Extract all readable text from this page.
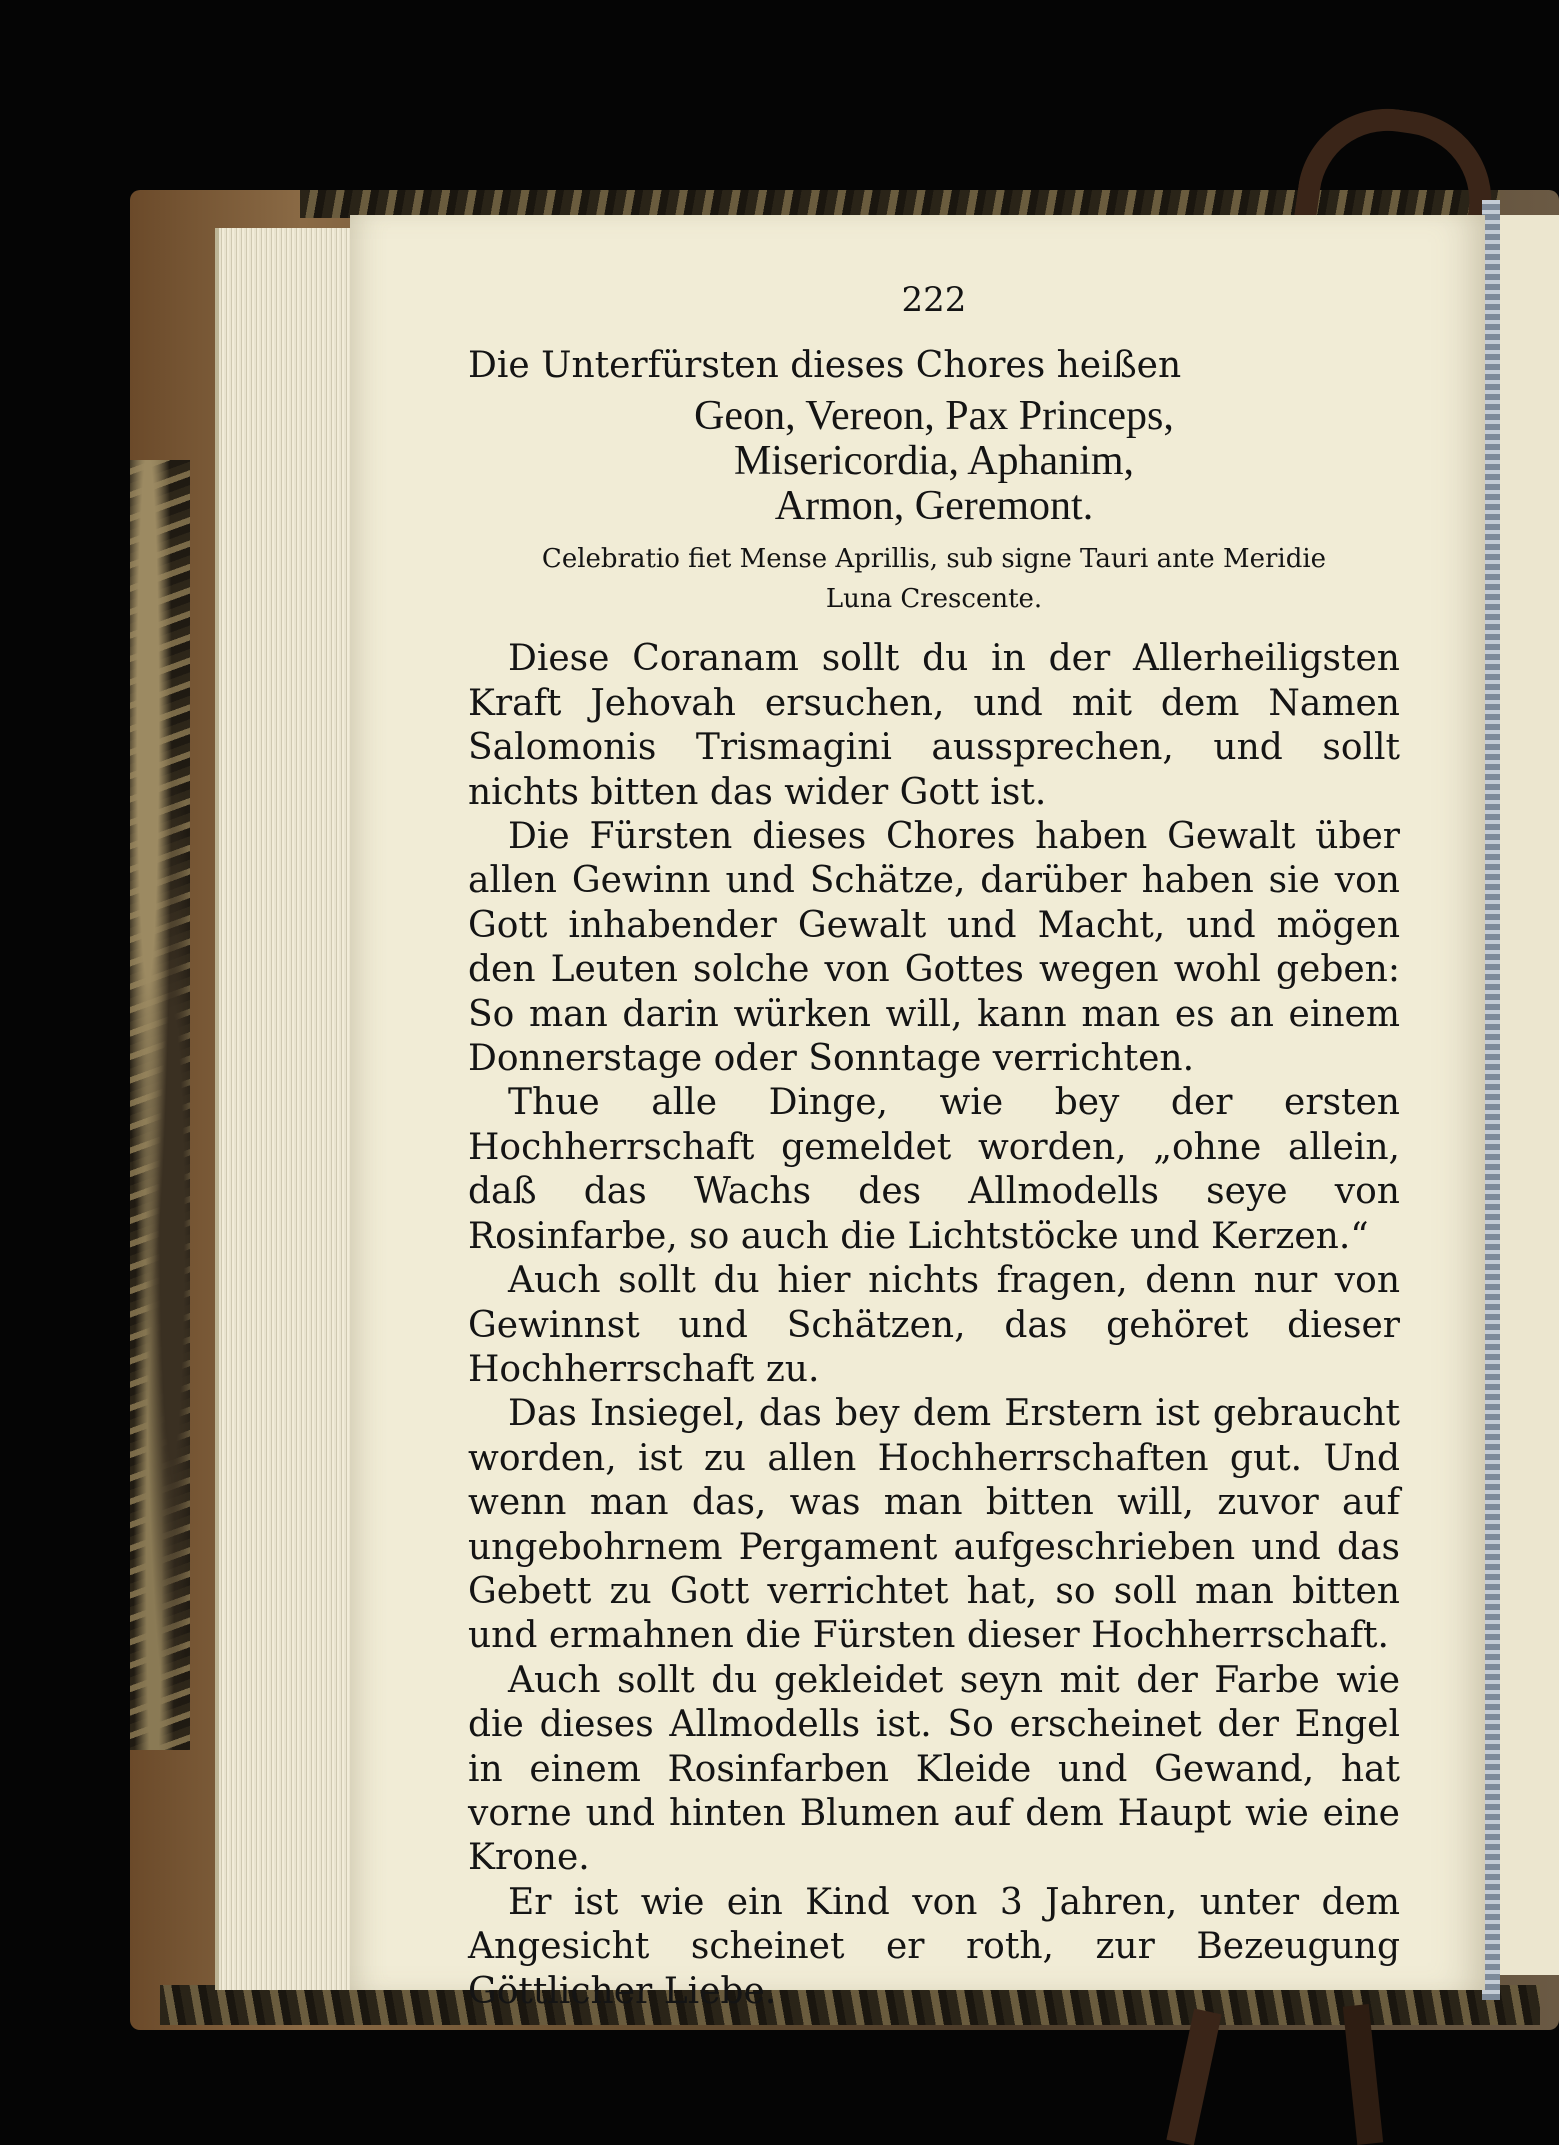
222

Die Unterfürsten dieses Chores heißen

Geon, Vereon, Pax Princeps,
Misericordia, Aphanim,
Armon, Geremont.
Celebratio fiet Mense Aprillis, sub signe Tauri ante Meridie
Luna Crescente.

Diese Coranam sollt du in der Allerheiligsten Kraft Jehovah ersuchen, und mit dem Namen Salomonis Trismagini aussprechen, und sollt nichts bitten das wider Gott ist.

Die Fürsten dieses Chores haben Gewalt über allen Gewinn und Schätze, darüber haben sie von Gott inhabender Gewalt und Macht, und mögen den Leuten solche von Gottes wegen wohl geben: So man darin würken will, kann man es an einem Donnerstage oder Sonntage verrichten.

Thue alle Dinge, wie bey der ersten Hochherrschaft gemeldet worden, „ohne allein, daß das Wachs des Allmodells seye von Rosinfarbe, so auch die Lichtstöcke und Kerzen.“

Auch sollt du hier nichts fragen, denn nur von Gewinnst und Schätzen, das gehöret dieser Hochherrschaft zu.

Das Insiegel, das bey dem Erstern ist gebraucht worden, ist zu allen Hochherrschaften gut. Und wenn man das, was man bitten will, zuvor auf ungebohrnem Pergament aufgeschrieben und das Gebett zu Gott verrichtet hat, so soll man bitten und ermahnen die Fürsten dieser Hochherrschaft.

Auch sollt du gekleidet seyn mit der Farbe wie die dieses Allmodells ist. So erscheinet der Engel in einem Rosinfarben Kleide und Gewand, hat vorne und hinten Blumen auf dem Haupt wie eine Krone.

Er ist wie ein Kind von 3 Jahren, unter dem Angesicht scheinet er roth, zur Bezeugung Göttlicher Liebe.
